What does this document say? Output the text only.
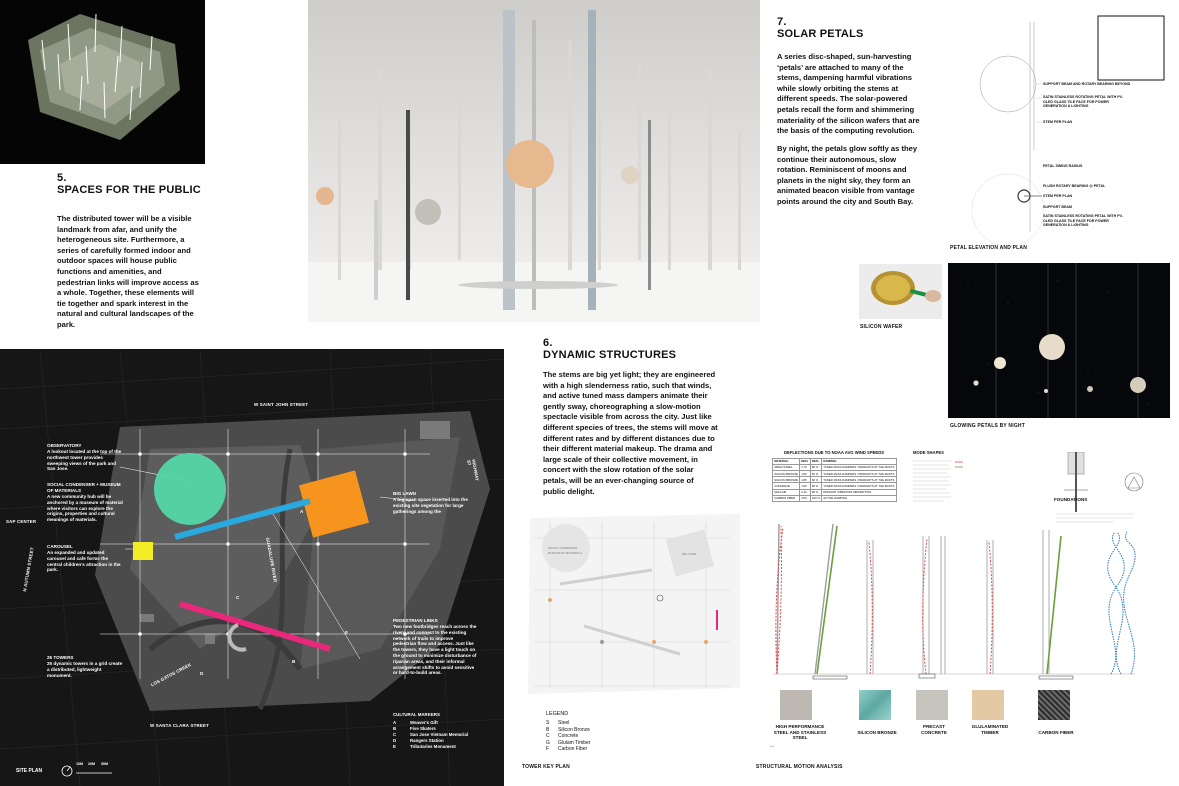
5.
SPACES FOR THE PUBLIC
The distributed tower will be a visible landmark from afar, and unify the heterogeneous site. Furthermore, a series of carefully formed indoor and outdoor spaces will house public functions and amenities, and pedestrian links will improve access as a whole. Together, these elements will tie together and spark interest in the natural and cultural landscapes of the park.
7.
SOLAR PETALS
A series disc-shaped, sun-harvesting ‘petals’ are attached to many of the stems, dampening harmful vibrations while slowly orbiting the stems at different speeds. The solar-powered petals recall the form and shimmering materiality of the silicon wafers that are the basis of the computing revolution.
By night, the petals glow softly as they continue their autonomous, slow rotation. Reminiscent of moons and planets in the night sky, they form an animated beacon visible from vantage points around the city and South Bay.
SUPPORT BEAM AND ROTARY BEARING BEYOND
SATIN STAINLESS ROTATING PETAL WITH PV-OLED GLASS TILE FACE FOR POWER GENERATION & LIGHTING
STEM PER PLAN
PETAL SWING RADIUS
FLUSH ROTARY BEARING @ PETAL
STEM PER PLAN
SUPPORT BEAM
SATIN STAINLESS ROTATING PETAL WITH PV-OLED GLASS TILE FACE FOR POWER GENERATION & LIGHTING
PETAL ELEVATION AND PLAN
SILICON WAFER
GLOWING PETALS BY NIGHT
W SAINT JOHN STREET
W SANTA CLARA STREET
N AUTUMN STREET
HIGHWAY 87
GUADALUPE RIVER
LOS GATOS CREEK
SAP CENTER
OBSERVATORY
A lookout located at the top of the northwest tower provides sweeping views of the park and San Jose.
SOCIAL CONDENSER + MUSEUM OF MATERIALS
A new community hub will be anchored by a museum of material where visitors can explore the origins, properties and cultural meanings of materials.
CAROUSEL
An expanded and updated carousel and cafe forms the central children's attraction in the park.
25 TOWERS
25 dynamic towers in a grid create a distributed, lightweight monument.
BIG LAWN
A big open space inserted into the existing site vegetation for large gatherings among the
PEDESTRIAN LINKS
Two new footbridges reach across the rivers and connect to the existing network of trails to improve pedestrian flow and access. Just like the towers, they have a light touch on the ground to minimize disturbance of riparian areas, and their informal arrangement shifts to avoid sensitive or hard-to-build areas.
A
B
C
D
E
CULTURAL MARKERS
A	Weaver's Gift
B	Five Skaters
C	San Jose Vietnam Memorial
D	Rangers Station
E	Tributaries Monument
SITE PLAN
10M 20M 50M
6.
DYNAMIC STRUCTURES
The stems are big yet light; they are engineered with a high slenderness ratio, such that winds, and active tuned mass dampers animate their gently sway, choreographing a slow-motion spectacle visible from across the city. Just like different species of trees, the stems will move at different rates and by different distances due to their different material makeup. The drama and large scale of their collective movement, in concert with the slow rotation of the solar petals, will be an ever-changing source of public delight.
SOCIAL CONDENSER MUSEUM OF MATERIALS	BIG LAWN
LEGEND
S	Steel
B	Silicon Bronze
C	Concrete
G	Glulam Timber
F	Carbon Fiber
TOWER KEY PLAN
DEFLECTIONS DUE TO NOAA AVG WIND SPEEDS
MATERIAL	DEFL	DEFL	DAMPING
ARRAYSTEEL	1.70	80 %	TUNED MASS DAMPERS / PENDANTS AT THE MASTS
SILICON BRONZE	1.80	81 %	TUNED MASS DAMPERS / PENDANTS AT THE MASTS
SILICON BRONZE	1.85	82 %	TUNED MASS DAMPERS / PENDANTS AT THE MASTS
CONCRETE	1.60	60 %	TUNED MASS DAMPERS / PENDANTS AT THE MASTS
GRULAM	2.40	95 %	PENDANT VIBRATION ABSORPTION
CARBON FIBER	3.05	100 %	ACTIVE DAMPING
MODE SHAPES
FOUNDATIONS
HIGH PERFORMANCE STEEL AND STAINLESS STEEL
▪ ▪ ▪
SILICON BRONZE
PRECAST CONCRETE
GLULAMINATED TIMBER	CARBON FIBER
STRUCTURAL MOTION ANALYSIS
